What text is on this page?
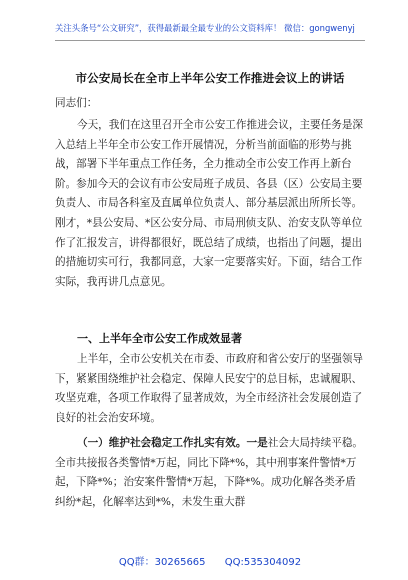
关注头条号“公文研究”，获得最新最全最专业的公文资料库！ 微信：gongwenyj
市公安局长在全市上半年公安工作推进会议上的讲话
同志们：
今天，我们在这里召开全市公安工作推进会议，主要任务是深入总结上半年全市公安工作开展情况，分析当前面临的形势与挑战，部署下半年重点工作任务，全力推动全市公安工作再上新台阶。参加今天的会议有市公安局班子成员、各县（区）公安局主要负责人、市局各科室及直属单位负责人、部分基层派出所所长等。刚才，*县公安局、*区公安分局、市局刑侦支队、治安支队等单位作了汇报发言，讲得都很好，既总结了成绩，也指出了问题，提出的措施切实可行，我都同意，大家一定要落实好。下面，结合工作实际，我再讲几点意见。
一、上半年全市公安工作成效显著
上半年，全市公安机关在市委、市政府和省公安厅的坚强领导下，紧紧围绕维护社会稳定、保障人民安宁的总目标，忠诚履职、攻坚克难，各项工作取得了显著成效，为全市经济社会发展创造了良好的社会治安环境。
（一）维护社会稳定工作扎实有效。一是社会大局持续平稳。全市共接报各类警情*万起，同比下降*%，其中刑事案件警情*万起，下降*%；治安案件警情*万起，下降*%。成功化解各类矛盾纠纷*起，化解率达到*%，未发生重大群
QQ群：30265665 QQ:535304092
